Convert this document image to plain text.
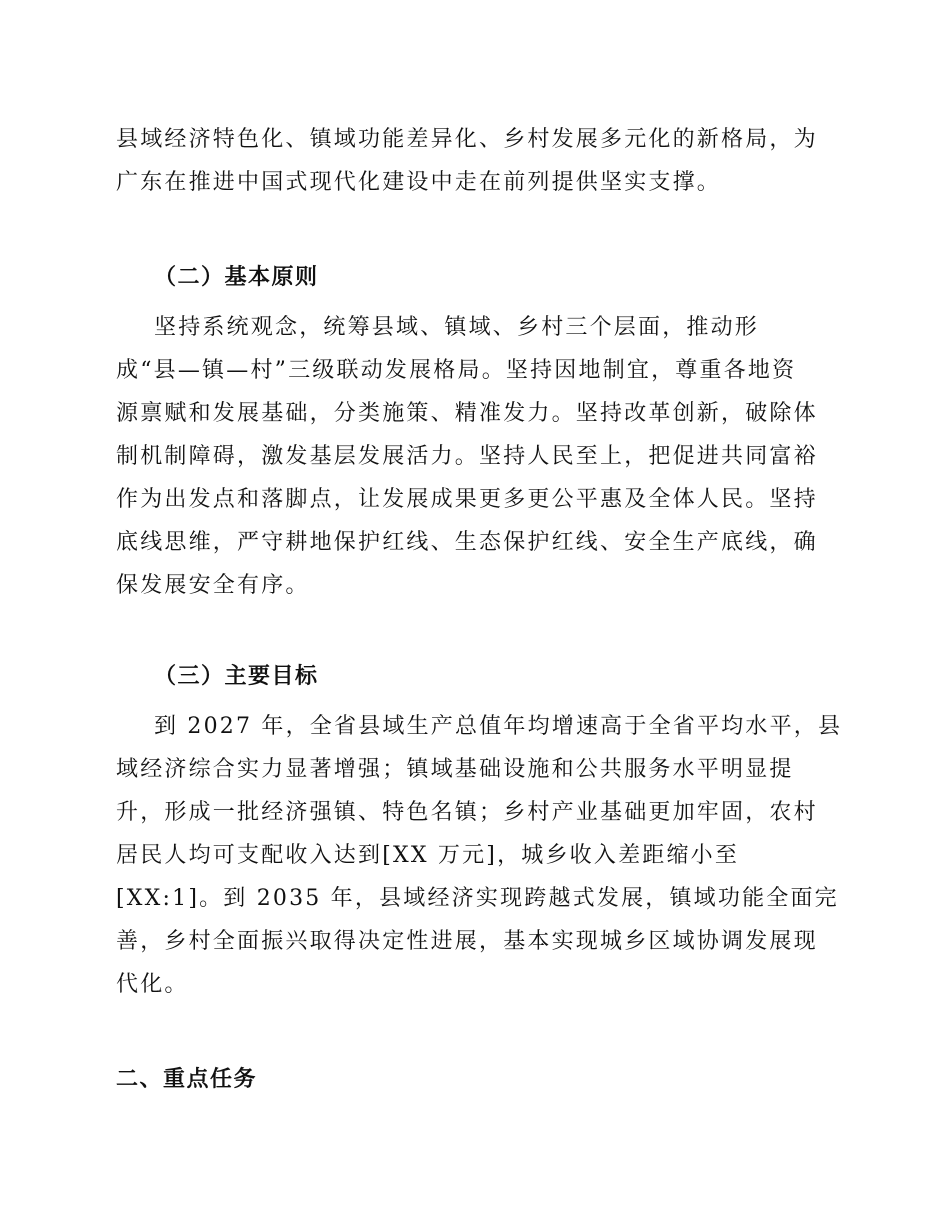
县域经济特色化、镇域功能差异化、乡村发展多元化的新格局，为
广东在推进中国式现代化建设中走在前列提供坚实支撑。
（二）基本原则
坚持系统观念，统筹县域、镇域、乡村三个层面，推动形
成“县—镇—村”三级联动发展格局。坚持因地制宜，尊重各地资
源禀赋和发展基础，分类施策、精准发力。坚持改革创新，破除体
制机制障碍，激发基层发展活力。坚持人民至上，把促进共同富裕
作为出发点和落脚点，让发展成果更多更公平惠及全体人民。坚持
底线思维，严守耕地保护红线、生态保护红线、安全生产底线，确
保发展安全有序。
（三）主要目标
到 2027 年，全省县域生产总值年均增速高于全省平均水平，县
域经济综合实力显著增强；镇域基础设施和公共服务水平明显提
升，形成一批经济强镇、特色名镇；乡村产业基础更加牢固，农村
居民人均可支配收入达到[XX 万元]，城乡收入差距缩小至
[XX:1]。到 2035 年，县域经济实现跨越式发展，镇域功能全面完
善，乡村全面振兴取得决定性进展，基本实现城乡区域协调发展现
代化。
二、重点任务
